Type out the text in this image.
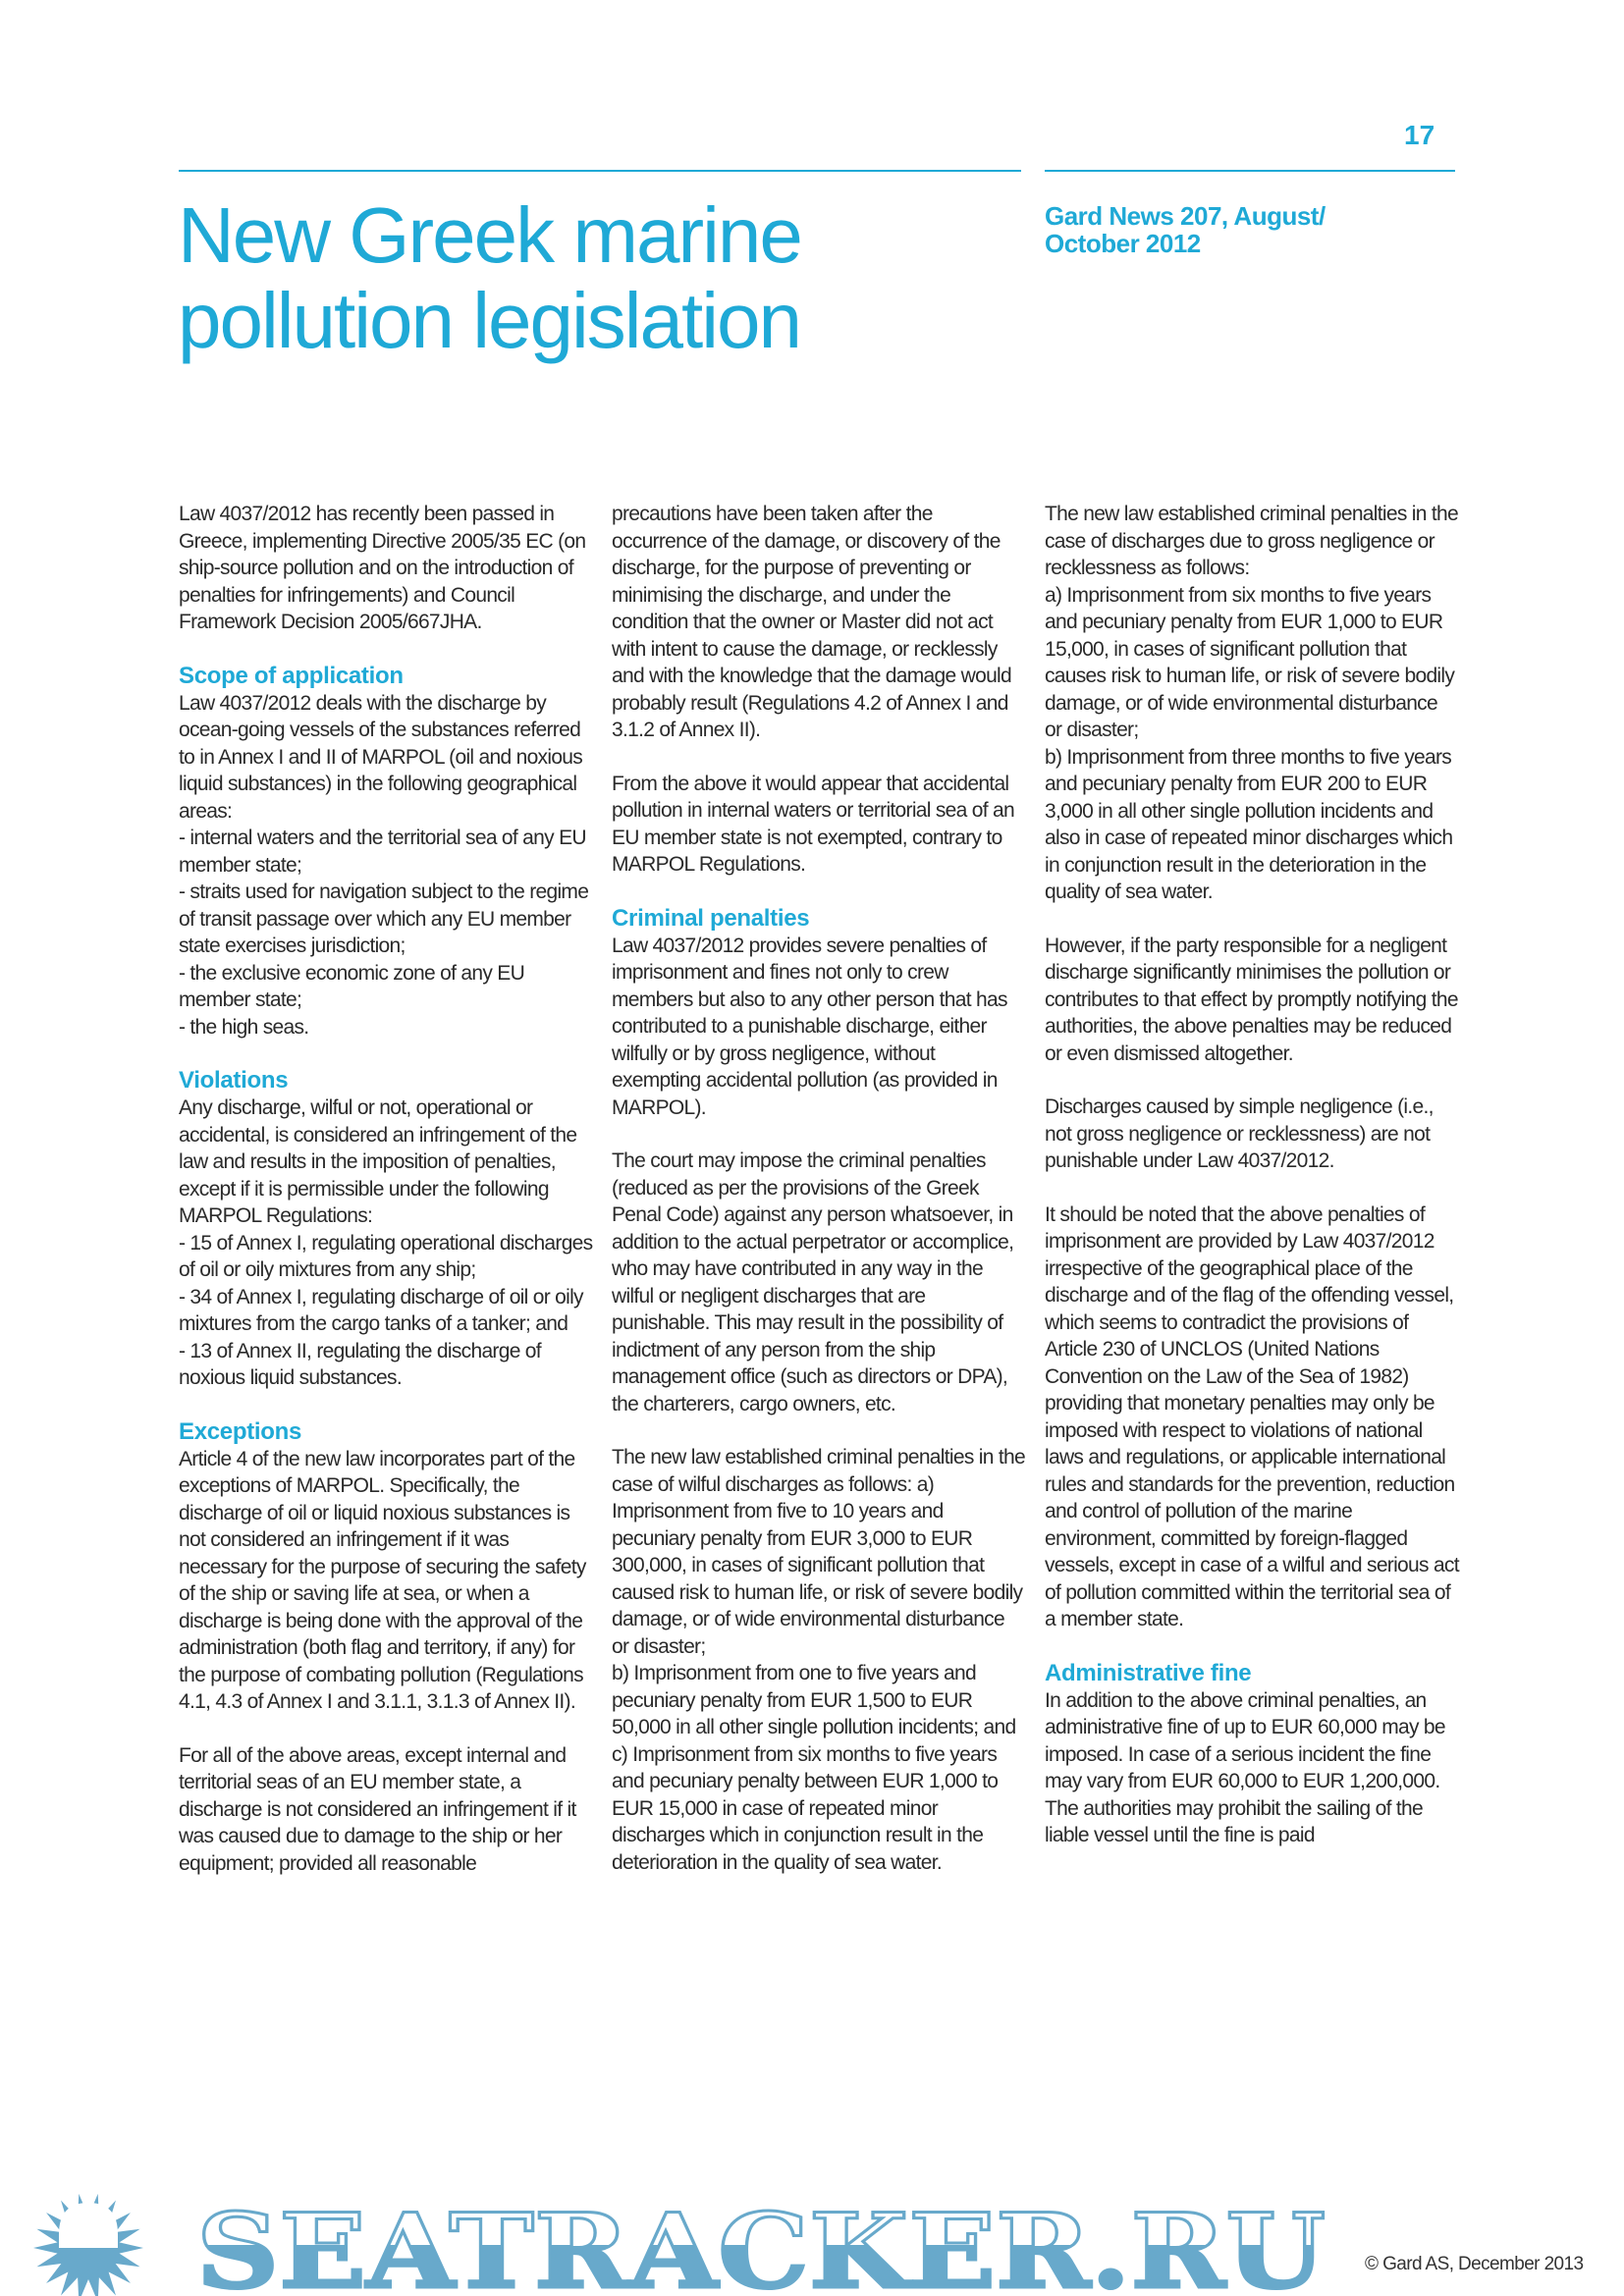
17
New Greek marine
pollution legislation
Gard News 207, August/
October 2012

Law 4037/2012 has recently been passed in Greece, implementing Directive 2005/35 EC (on ship-source pollution and on the introduction of penalties for infringements) and Council Framework Decision 2005/667JHA.

Scope of application

Law 4037/2012 deals with the discharge by ocean-going vessels of the substances referred to in Annex I and II of MARPOL (oil and noxious liquid substances) in the following geographical areas:
- internal waters and the territorial sea of any EU member state;
- straits used for navigation subject to the regime of transit passage over which any EU member state exercises jurisdiction;
- the exclusive economic zone of any EU member state;
- the high seas.

Violations

Any discharge, wilful or not, operational or accidental, is considered an infringement of the law and results in the imposition of penalties, except if it is permissible under the following MARPOL Regulations:
- 15 of Annex I, regulating operational discharges of oil or oily mixtures from any ship;
- 34 of Annex I, regulating discharge of oil or oily mixtures from the cargo tanks of a tanker; and
- 13 of Annex II, regulating the discharge of noxious liquid substances.

Exceptions

Article 4 of the new law incorporates part of the exceptions of MARPOL. Specifically, the discharge of oil or liquid noxious substances is not considered an infringement if it was necessary for the purpose of securing the safety of the ship or saving life at sea, or when a discharge is being done with the approval of the administration (both flag and territory, if any) for the purpose of combating pollution (Regulations 4.1, 4.3 of Annex I and 3.1.1, 3.1.3 of Annex II).

For all of the above areas, except internal and territorial seas of an EU member state, a discharge is not considered an infringement if it was caused due to damage to the ship or her equipment; provided all reasonable

precautions have been taken after the occurrence of the damage, or discovery of the discharge, for the purpose of preventing or minimising the discharge, and under the condition that the owner or Master did not act with intent to cause the damage, or recklessly and with the knowledge that the damage would probably result (Regulations 4.2 of Annex I and 3.1.2 of Annex II).

From the above it would appear that accidental pollution in internal waters or territorial sea of an EU member state is not exempted, contrary to MARPOL Regulations.

Criminal penalties

Law 4037/2012 provides severe penalties of imprisonment and fines not only to crew members but also to any other person that has contributed to a punishable discharge, either wilfully or by gross negligence, without exempting accidental pollution (as provided in MARPOL).

The court may impose the criminal penalties (reduced as per the provisions of the Greek Penal Code) against any person whatsoever, in addition to the actual perpetrator or accomplice, who may have contributed in any way in the wilful or negligent discharges that are punishable. This may result in the possibility of indictment of any person from the ship management office (such as directors or DPA), the charterers, cargo owners, etc.

The new law established criminal penalties in the case of wilful discharges as follows: a) Imprisonment from five to 10 years and pecuniary penalty from EUR 3,000 to EUR 300,000, in cases of significant pollution that caused risk to human life, or risk of severe bodily damage, or of wide environmental disturbance or disaster;
b) Imprisonment from one to five years and pecuniary penalty from EUR 1,500 to EUR 50,000 in all other single pollution incidents; and
c) Imprisonment from six months to five years and pecuniary penalty between EUR 1,000 to EUR 15,000 in case of repeated minor discharges which in conjunction result in the deterioration in the quality of sea water.

The new law established criminal penalties in the case of discharges due to gross negligence or recklessness as follows:
a) Imprisonment from six months to five years and pecuniary penalty from EUR 1,000 to EUR 15,000, in cases of significant pollution that causes risk to human life, or risk of severe bodily damage, or of wide environmental disturbance or disaster;
b) Imprisonment from three months to five years and pecuniary penalty from EUR 200 to EUR 3,000 in all other single pollution incidents and also in case of repeated minor discharges which in conjunction result in the deterioration in the quality of sea water.

However, if the party responsible for a negligent discharge significantly minimises the pollution or contributes to that effect by promptly notifying the authorities, the above penalties may be reduced or even dismissed altogether.

Discharges caused by simple negligence (i.e., not gross negligence or recklessness) are not punishable under Law 4037/2012.

It should be noted that the above penalties of imprisonment are provided by Law 4037/2012 irrespective of the geographical place of the discharge and of the flag of the offending vessel, which seems to contradict the provisions of Article 230 of UNCLOS (United Nations Convention on the Law of the Sea of 1982) providing that monetary penalties may only be imposed with respect to violations of national laws and regulations, or applicable international rules and standards for the prevention, reduction and control of pollution of the marine environment, committed by foreign-flagged vessels, except in case of a wilful and serious act of pollution committed within the territorial sea of a member state.

Administrative fine

In addition to the above criminal penalties, an administrative fine of up to EUR 60,000 may be imposed. In case of a serious incident the fine may vary from EUR 60,000 to EUR 1,200,000. The authorities may prohibit the sailing of the liable vessel until the fine is paid

SEATRACKER.RU © Gard AS, December 2013
